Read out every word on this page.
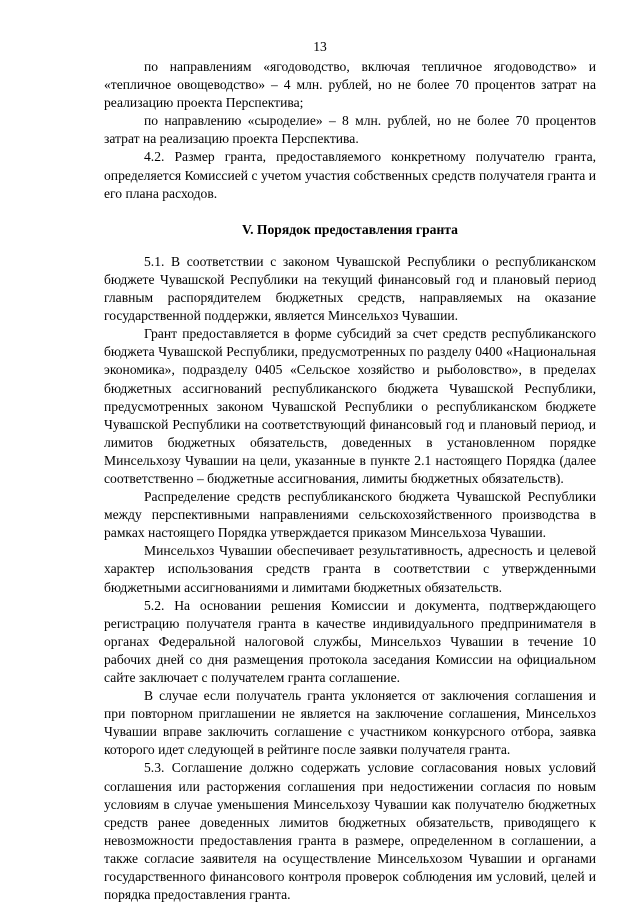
13

по направлениям «ягодоводство, включая тепличное ягодоводство» и «тепличное овощеводство» – 4 млн. рублей, но не более 70 процентов затрат на реализацию проекта Перспектива;

по направлению «сыроделие» – 8 млн. рублей, но не более 70 процентов затрат на реализацию проекта Перспектива.

4.2. Размер гранта, предоставляемого конкретному получателю гранта, определяется Комиссией с учетом участия собственных средств получателя гранта и его плана расходов.

V. Порядок предоставления гранта

5.1. В соответствии с законом Чувашской Республики о республиканском бюджете Чувашской Республики на текущий финансовый год и плановый период главным распорядителем бюджетных средств, направляемых на оказание государственной поддержки, является Минсельхоз Чувашии.

Грант предоставляется в форме субсидий за счет средств республиканского бюджета Чувашской Республики, предусмотренных по разделу 0400 «Национальная экономика», подразделу 0405 «Сельское хозяйство и рыболовство», в пределах бюджетных ассигнований республиканского бюджета Чувашской Республики, предусмотренных законом Чувашской Республики о республиканском бюджете Чувашской Республики на соответствующий финансовый год и плановый период, и лимитов бюджетных обязательств, доведенных в установленном порядке Минсельхозу Чувашии на цели, указанные в пункте 2.1 настоящего Порядка (далее соответственно – бюджетные ассигнования, лимиты бюджетных обязательств).

Распределение средств республиканского бюджета Чувашской Республики между перспективными направлениями сельскохозяйственного производства в рамках настоящего Порядка утверждается приказом Минсельхоза Чувашии.

Минсельхоз Чувашии обеспечивает результативность, адресность и целевой характер использования средств гранта в соответствии с утвержденными бюджетными ассигнованиями и лимитами бюджетных обязательств.

5.2. На основании решения Комиссии и документа, подтверждающего регистрацию получателя гранта в качестве индивидуального предпринимателя в органах Федеральной налоговой службы, Минсельхоз Чувашии в течение 10 рабочих дней со дня размещения протокола заседания Комиссии на официальном сайте заключает с получателем гранта соглашение.

В случае если получатель гранта уклоняется от заключения соглашения и при повторном приглашении не является на заключение соглашения, Минсельхоз Чувашии вправе заключить соглашение с участником конкурсного отбора, заявка которого идет следующей в рейтинге после заявки получателя гранта.

5.3. Соглашение должно содержать условие согласования новых условий соглашения или расторжения соглашения при недостижении согласия по новым условиям в случае уменьшения Минсельхозу Чувашии как получателю бюджетных средств ранее доведенных лимитов бюджетных обязательств, приводящего к невозможности предоставления гранта в размере, определенном в соглашении, а также согласие заявителя на осуществление Минсельхозом Чувашии и органами государственного финансового контроля проверок соблюдения им условий, целей и порядка предоставления гранта.
